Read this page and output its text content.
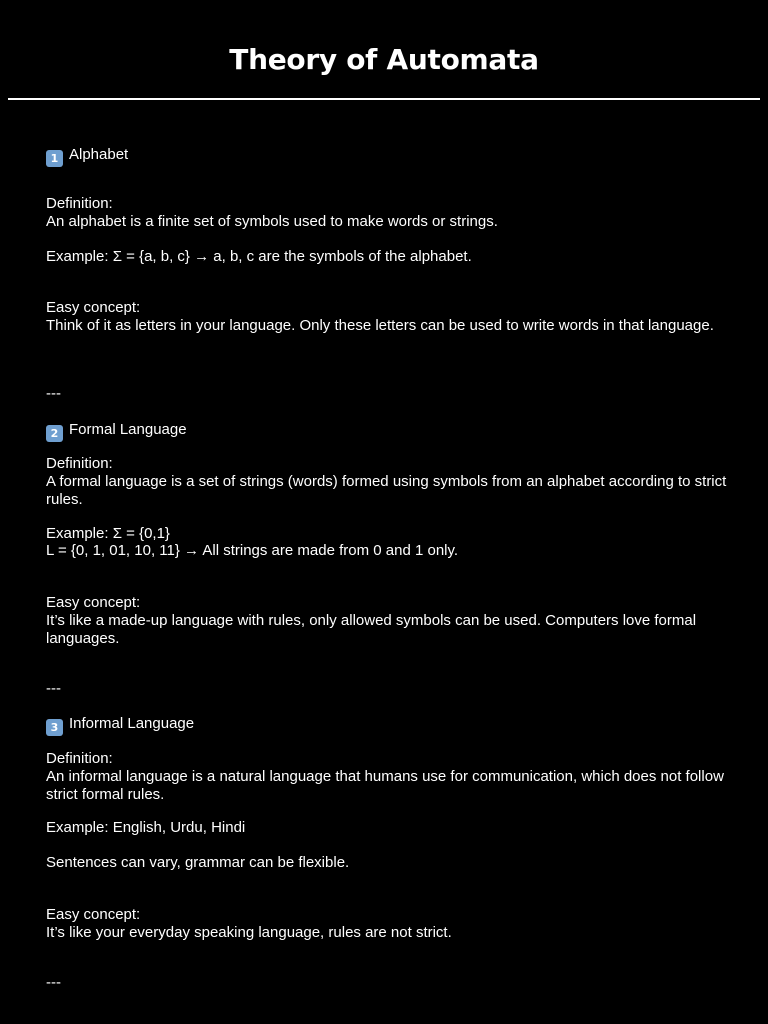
Theory of Automata
1 Alphabet
Definition:
An alphabet is a finite set of symbols used to make words or strings.
Example: Σ = {a, b, c} → a, b, c are the symbols of the alphabet.
Easy concept:
Think of it as letters in your language. Only these letters can be used to write words in that language.
---
2 Formal Language
Definition:
A formal language is a set of strings (words) formed using symbols from an alphabet according to strict rules.
Example: Σ = {0,1}
L = {0, 1, 01, 10, 11} → All strings are made from 0 and 1 only.
Easy concept:
It’s like a made-up language with rules, only allowed symbols can be used. Computers love formal languages.
---
3 Informal Language
Definition:
An informal language is a natural language that humans use for communication, which does not follow strict formal rules.
Example: English, Urdu, Hindi
Sentences can vary, grammar can be flexible.
Easy concept:
It’s like your everyday speaking language, rules are not strict.
---
